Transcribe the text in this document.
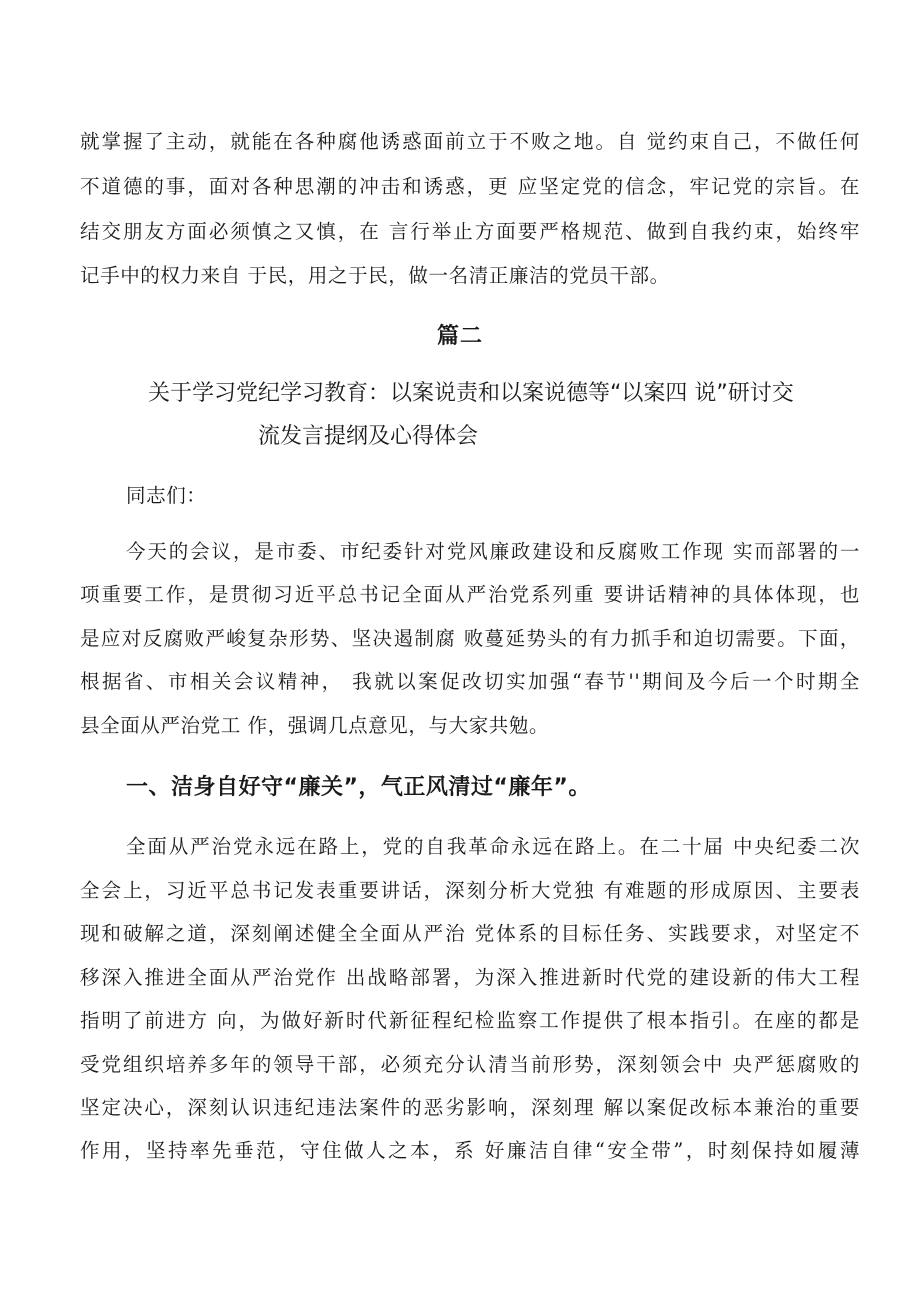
就掌握了主动，就能在各种腐他诱惑面前立于不败之地。自 觉约束自己，不做任何
不道德的事，面对各种思潮的冲击和诱惑，更 应坚定党的信念，牢记党的宗旨。在
结交朋友方面必须慎之又慎，在 言行举止方面要严格规范、做到自我约束，始终牢
记手中的权力来自 于民，用之于民，做一名清正廉洁的党员干部。
篇二
关于学习党纪学习教育：以案说责和以案说德等“以案四 说”研讨交
流发言提纲及心得体会
同志们：
今天的会议，是市委、市纪委针对党风廉政建设和反腐败工作现 实而部署的一
项重要工作，是贯彻习近平总书记全面从严治党系列重 要讲话精神的具体体现，也
是应对反腐败严峻复杂形势、坚决遏制腐 败蔓延势头的有力抓手和迫切需要。下面，
根据省、市相关会议精神， 我就以案促改切实加强“春节''期间及今后一个时期全
县全面从严治党工 作，强调几点意见，与大家共勉。
一、洁身自好守“廉关”，气正风清过“廉年”。
全面从严治党永远在路上，党的自我革命永远在路上。在二十届 中央纪委二次
全会上，习近平总书记发表重要讲话，深刻分析大党独 有难题的形成原因、主要表
现和破解之道，深刻阐述健全全面从严治 党体系的目标任务、实践要求，对坚定不
移深入推进全面从严治党作 出战略部署，为深入推进新时代党的建设新的伟大工程
指明了前进方 向，为做好新时代新征程纪检监察工作提供了根本指引。在座的都是
受党组织培养多年的领导干部，必须充分认清当前形势，深刻领会中 央严惩腐败的
坚定决心，深刻认识违纪违法案件的恶劣影响，深刻理 解以案促改标本兼治的重要
作用，坚持率先垂范，守住做人之本，系 好廉洁自律“安全带”，时刻保持如履薄
